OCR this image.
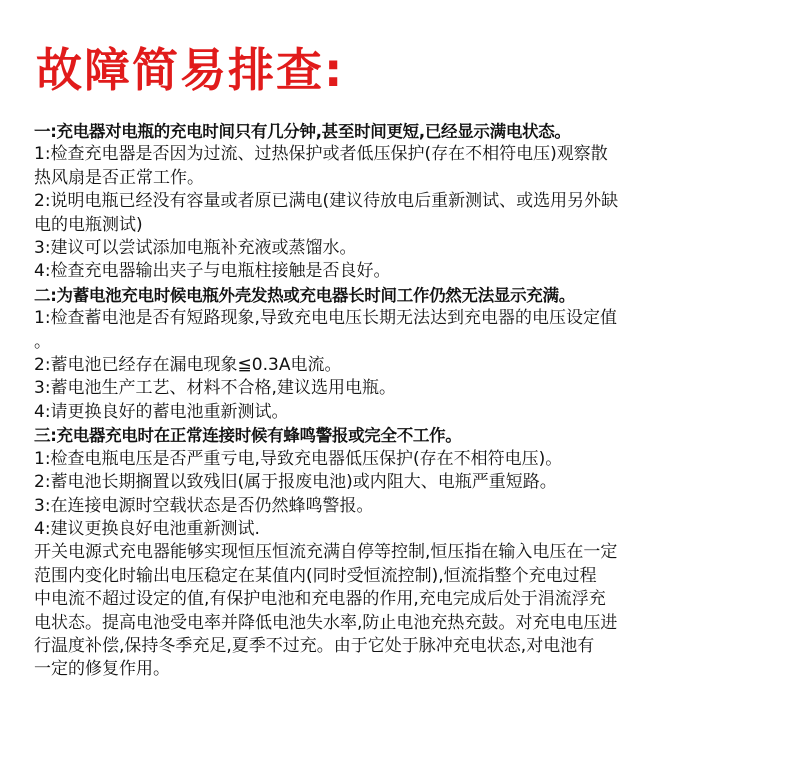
故障简易排查:
一:充电器对电瓶的充电时间只有几分钟,甚至时间更短,已经显示满电状态。
1:检查充电器是否因为过流、过热保护或者低压保护(存在不相符电压)观察散
热风扇是否正常工作。
2:说明电瓶已经没有容量或者原已满电(建议待放电后重新测试、或选用另外缺
电的电瓶测试)
3:建议可以尝试添加电瓶补充液或蒸馏水。
4:检查充电器输出夹子与电瓶柱接触是否良好。
二:为蓄电池充电时候电瓶外壳发热或充电器长时间工作仍然无法显示充满。
1:检查蓄电池是否有短路现象,导致充电电压长期无法达到充电器的电压设定值
。
2:蓄电池已经存在漏电现象≦0.3A电流。
3:蓄电池生产工艺、材料不合格,建议选用电瓶。
4:请更换良好的蓄电池重新测试。
三:充电器充电时在正常连接时候有蜂鸣警报或完全不工作。
1:检查电瓶电压是否严重亏电,导致充电器低压保护(存在不相符电压)。
2:蓄电池长期搁置以致残旧(属于报废电池)或内阻大、电瓶严重短路。
3:在连接电源时空载状态是否仍然蜂鸣警报。
4:建议更换良好电池重新测试.
开关电源式充电器能够实现恒压恒流充满自停等控制,恒压指在输入电压在一定
范围内变化时输出电压稳定在某值内(同时受恒流控制),恒流指整个充电过程
中电流不超过设定的值,有保护电池和充电器的作用,充电完成后处于涓流浮充
电状态。提高电池受电率并降低电池失水率,防止电池充热充鼓。对充电电压进
行温度补偿,保持冬季充足,夏季不过充。由于它处于脉冲充电状态,对电池有
一定的修复作用。
